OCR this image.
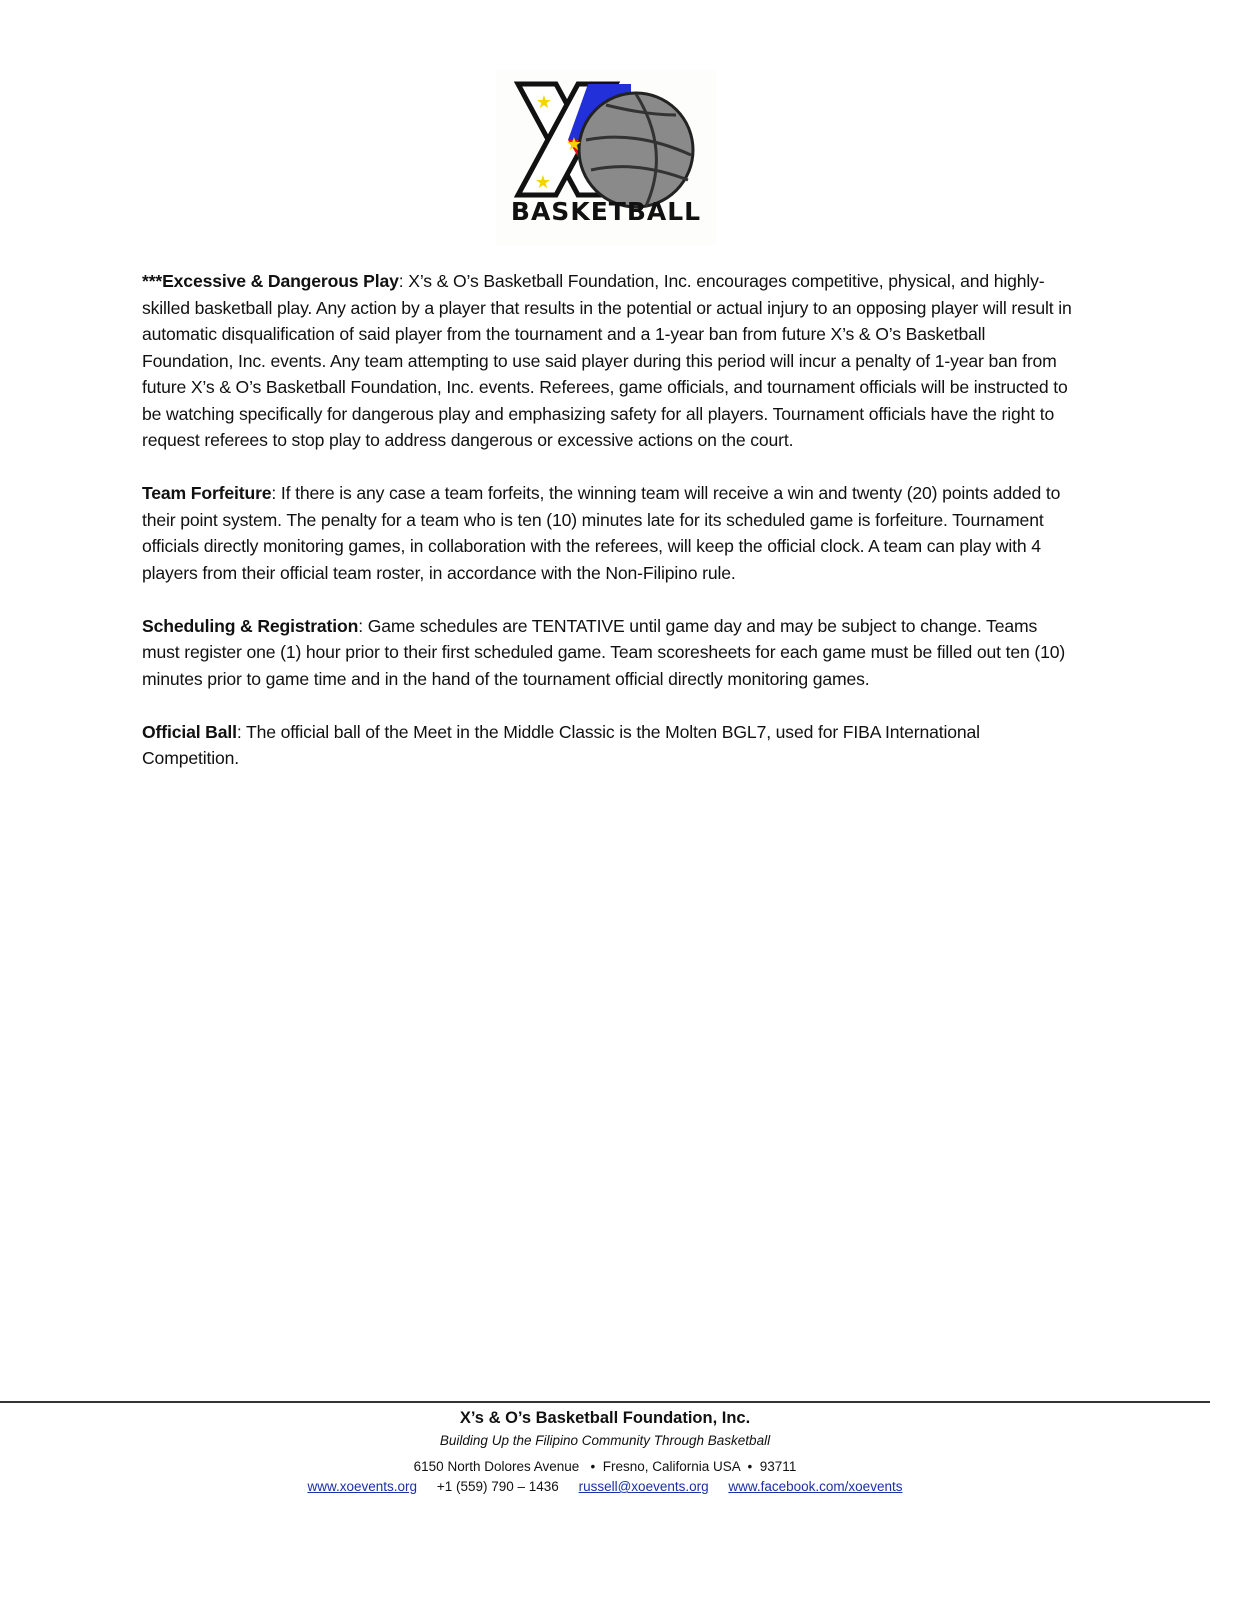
★
★
★
BASKETBALL

***Excessive & Dangerous Play: X’s & O’s Basketball Foundation, Inc. encourages competitive, physical, and highly-skilled basketball play. Any action by a player that results in the potential or actual injury to an opposing player will result in automatic disqualification of said player from the tournament and a 1-year ban from future X’s & O’s Basketball Foundation, Inc. events. Any team attempting to use said player during this period will incur a penalty of 1-year ban from future X’s & O’s Basketball Foundation, Inc. events. Referees, game officials, and tournament officials will be instructed to be watching specifically for dangerous play and emphasizing safety for all players. Tournament officials have the right to request referees to stop play to address dangerous or excessive actions on the court.

Team Forfeiture: If there is any case a team forfeits, the winning team will receive a win and twenty (20) points added to their point system. The penalty for a team who is ten (10) minutes late for its scheduled game is forfeiture. Tournament officials directly monitoring games, in collaboration with the referees, will keep the official clock. A team can play with 4 players from their official team roster, in accordance with the Non-Filipino rule.

Scheduling & Registration: Game schedules are TENTATIVE until game day and may be subject to change. Teams must register one (1) hour prior to their first scheduled game. Team scoresheets for each game must be filled out ten (10) minutes prior to game time and in the hand of the tournament official directly monitoring games.

Official Ball: The official ball of the Meet in the Middle Classic is the Molten BGL7, used for FIBA International Competition.

X’s & O’s Basketball Foundation, Inc.
Building Up the Filipino Community Through Basketball
6150 North Dolores Avenue   •  Fresno, California USA  •  93711
www.xoevents.org +1 (559) 790 – 1436 russell@xoevents.org www.facebook.com/xoevents
